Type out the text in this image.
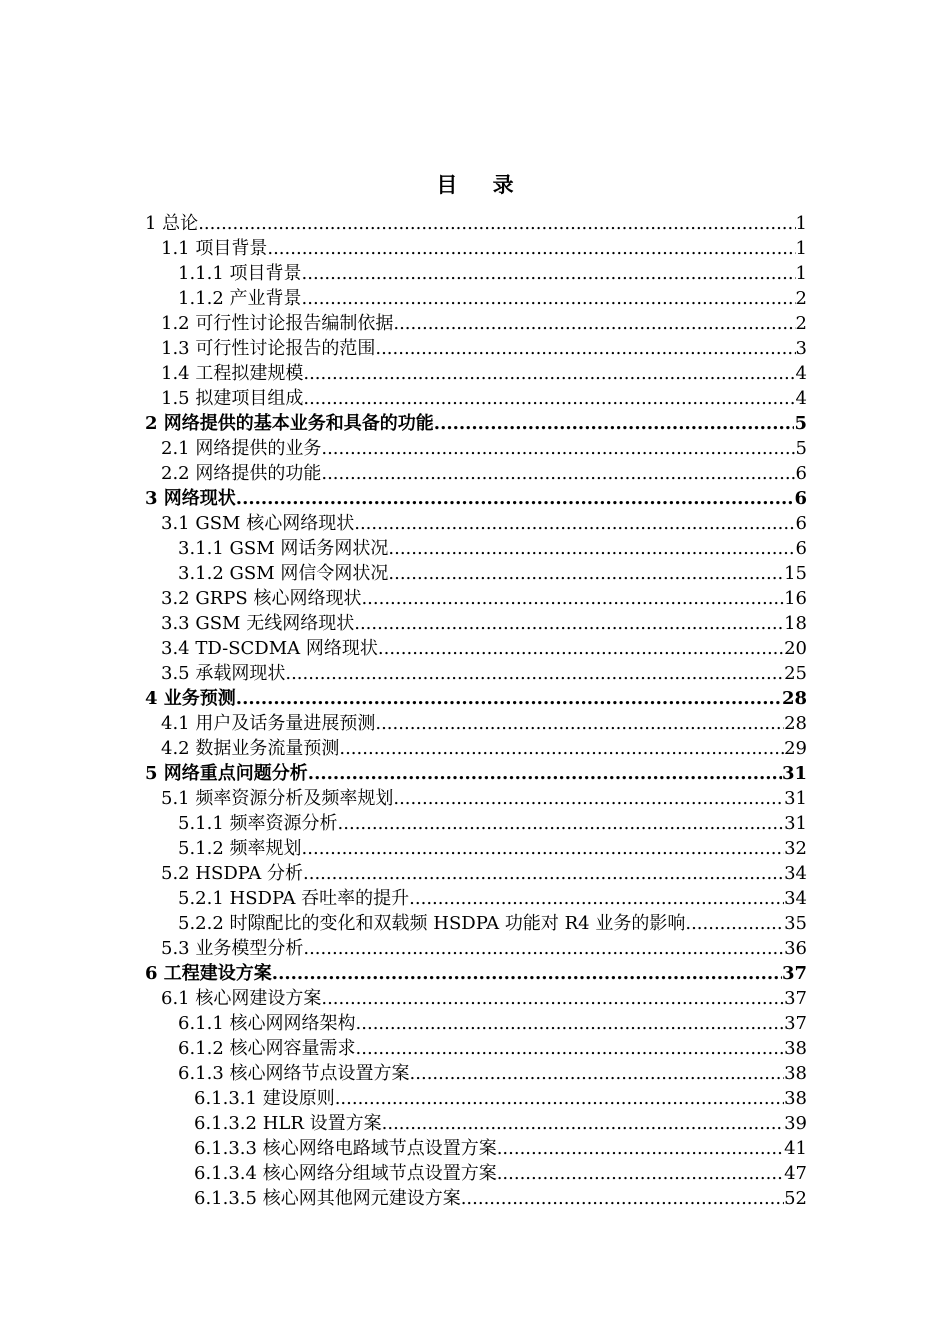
目 录
1 总论 .....	1
1.1 项目背景 .....	1
1.1.1 项目背景 .....	1
1.1.2 产业背景 .....	2
1.2 可行性讨论报告编制依据 .....	2
1.3 可行性讨论报告的范围 .....	3
1.4 工程拟建规模 .....	4
1.5 拟建项目组成 .....	4
2 网络提供的基本业务和具备的功能 .....	5
2.1 网络提供的业务 .....	5
2.2 网络提供的功能 .....	6
3 网络现状 .....	6
3.1 GSM 核心网络现状 .....	6
3.1.1 GSM 网话务网状况 .....	6
3.1.2 GSM 网信令网状况 .....	15
3.2 GRPS 核心网络现状 .....	16
3.3 GSM 无线网络现状 .....	18
3.4 TD-SCDMA 网络现状 .....	20
3.5 承载网现状 .....	25
4 业务预测 .....	28
4.1 用户及话务量进展预测 .....	28
4.2 数据业务流量预测 .....	29
5 网络重点问题分析 .....	31
5.1 频率资源分析及频率规划 .....	31
5.1.1 频率资源分析 .....	31
5.1.2 频率规划 .....	32
5.2 HSDPA 分析 .....	34
5.2.1 HSDPA 吞吐率的提升 .....	34
5.2.2 时隙配比的变化和双载频 HSDPA 功能对 R4 业务的影响 .....	35
5.3 业务模型分析 .....	36
6 工程建设方案 .....	37
6.1 核心网建设方案 .....	37
6.1.1 核心网网络架构 .....	37
6.1.2 核心网容量需求 .....	38
6.1.3 核心网络节点设置方案 .....	38
6.1.3.1 建设原则 .....	38
6.1.3.2 HLR 设置方案 .....	39
6.1.3.3 核心网络电路域节点设置方案 .....	41
6.1.3.4 核心网络分组域节点设置方案 .....	47
6.1.3.5 核心网其他网元建设方案 .....	52
